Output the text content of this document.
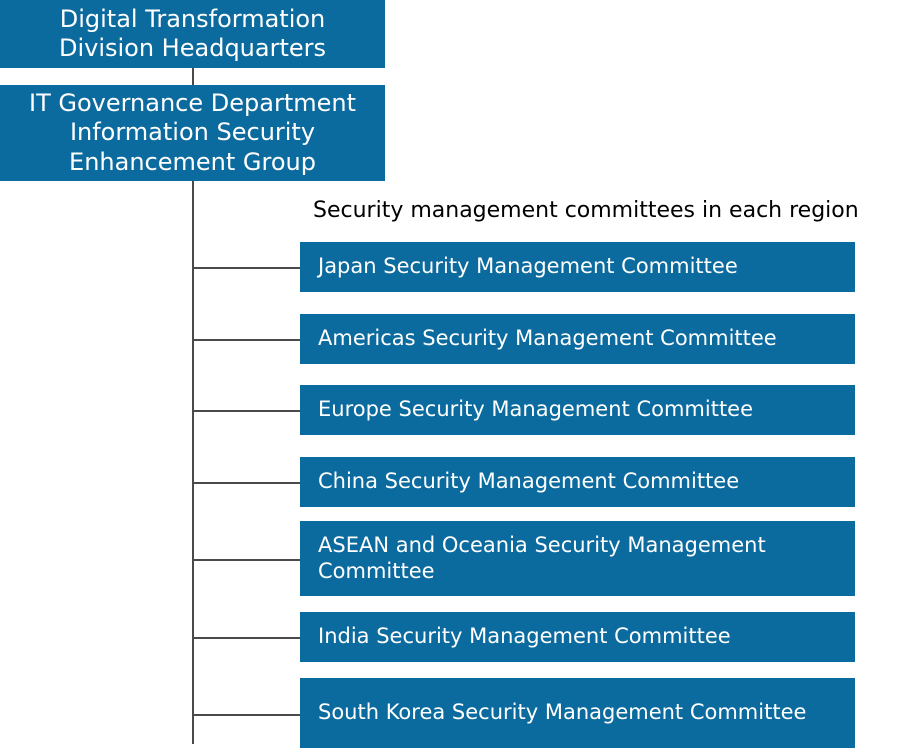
Digital Transformation
Division Headquarters
IT Governance Department
Information Security
Enhancement Group
Security management committees in each region
Japan Security Management Committee
Americas Security Management Committee
Europe Security Management Committee
China Security Management Committee
ASEAN and Oceania Security Management Committee
India Security Management Committee
South Korea Security Management Committee
